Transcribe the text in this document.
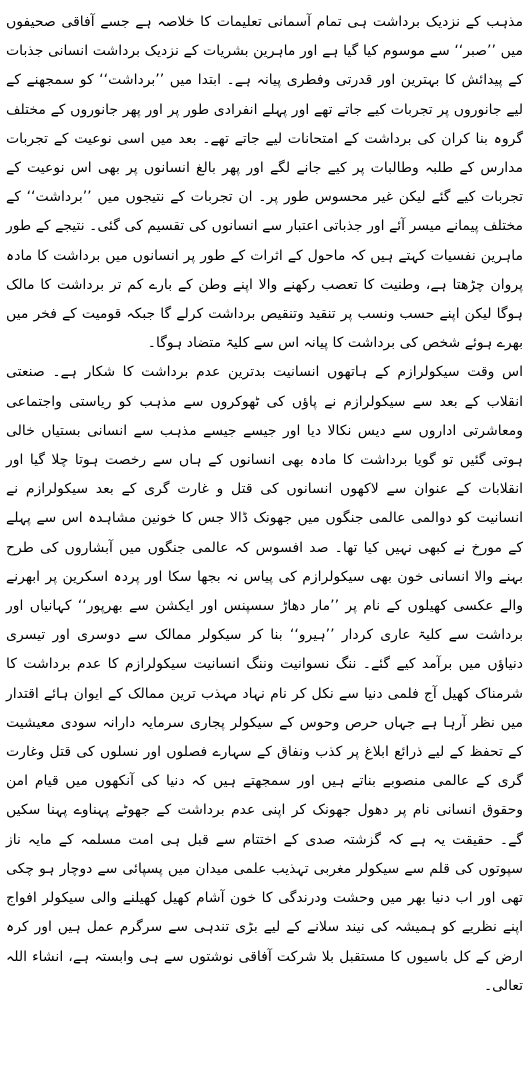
مذہب کے نزدیک برداشت ہی تمام آسمانی تعلیمات کا خلاصہ ہے جسے آفاقی صحیفوں میں ’’صبر‘‘ سے موسوم کیا گیا ہے اور ماہرین بشریات کے نزدیک برداشت انسانی جذبات کے پیدائش کا بہترین اور قدرتی وفطری پیانہ ہے۔ ابتدا میں ’’برداشت‘‘ کو سمجھنے کے لیے جانوروں پر تجربات کیے جاتے تھے اور پہلے انفرادی طور پر اور پھر جانوروں کے مختلف گروہ بنا کران کی برداشت کے امتحانات لیے جاتے تھے۔ بعد میں اسی نوعیت کے تجربات مدارس کے طلبہ وطالبات پر کیے جانے لگے اور پھر بالغ انسانوں پر بھی اس نوعیت کے تجربات کیے گئے لیکن غیر محسوس طور پر۔ ان تجربات کے نتیجوں میں ’’برداشت‘‘ کے مختلف پیمانے میسر آئے اور جذباتی اعتبار سے انسانوں کی تقسیم کی گئی۔ نتیجے کے طور ماہرین نفسیات کہتے ہیں کہ ماحول کے اثرات کے طور پر انسانوں میں برداشت کا مادہ پروان چڑھتا ہے، وطنیت کا تعصب رکھنے والا اپنے وطن کے بارے کم تر برداشت کا مالک ہوگا لیکن اپنے حسب ونسب پر تنقید وتنقیص برداشت کرلے گا جبکہ قومیت کے فخر میں بھرے ہوئے شخص کی برداشت کا پیانہ اس سے کلیۃ متضاد ہوگا۔

اس وقت سیکولرازم کے ہاتھوں انسانیت بدترین عدم برداشت کا شکار ہے۔ صنعتی انقلاب کے بعد سے سیکولرازم نے پاؤں کی ٹھوکروں سے مذہب کو ریاستی واجتماعی ومعاشرتی اداروں سے دیس نکالا دیا اور جیسے جیسے مذہب سے انسانی بستیاں خالی ہوتی گئیں تو گویا برداشت کا مادہ بھی انسانوں کے ہاں سے رخصت ہوتا چلا گیا اور انقلابات کے عنوان سے لاکھوں انسانوں کی قتل و غارت گری کے بعد سیکولرازم نے انسانیت کو دوالمی عالمی جنگوں میں جھونک ڈالا جس کا خونین مشاہدہ اس سے پہلے کے مورخ نے کبھی نہیں کیا تھا۔ صد افسوس کہ عالمی جنگوں میں آبشاروں کی طرح بہنے والا انسانی خون بھی سیکولرازم کی پیاس نہ بجھا سکا اور پردہ اسکرین پر ابھرنے والے عکسی کھیلوں کے نام پر ’’مار دھاڑ سسپنس اور ایکشن سے بھرپور‘‘ کہانیاں اور برداشت سے کلیۃ عاری کردار ’’ہیرو‘‘ بنا کر سیکولر ممالک سے دوسری اور تیسری دنیاؤں میں برآمد کیے گئے۔ ننگ نسوانیت وننگ انسانیت سیکولرازم کا عدم برداشت کا شرمناک کھیل آج فلمی دنیا سے نکل کر نام نہاد مہذب ترین ممالک کے ایوان ہائے اقتدار میں نظر آرہا ہے جہاں حرص وحوس کے سیکولر پجاری سرمایہ دارانہ سودی معیشیت کے تحفظ کے لیے ذرائع ابلاغ پر کذب ونفاق کے سہارے فصلوں اور نسلوں کی قتل وغارت گری کے عالمی منصوبے بناتے ہیں اور سمجھتے ہیں کہ دنیا کی آنکھوں میں قیام امن وحقوق انسانی نام پر دھول جھونک کر اپنی عدم برداشت کے جھوٹے پہناوے پہنا سکیں گے۔ حقیقت یہ ہے کہ گزشتہ صدی کے اختتام سے قبل ہی امت مسلمہ کے مایہ ناز سپوتوں کی قلم سے سیکولر مغربی تہذیب علمی میدان میں پسپائی سے دوچار ہو چکی تھی اور اب دنیا بھر میں وحشت ودرندگی کا خون آشام کھیل کھیلنے والی سیکولر افواج اپنے نظریے کو ہمیشہ کی نیند سلانے کے لیے بڑی تندہی سے سرگرم عمل ہیں اور کرہ ارض کے کل باسیوں کا مستقبل بلا شرکت آفاقی نوشتوں سے ہی وابستہ ہے، انشاء اللہ تعالی۔
